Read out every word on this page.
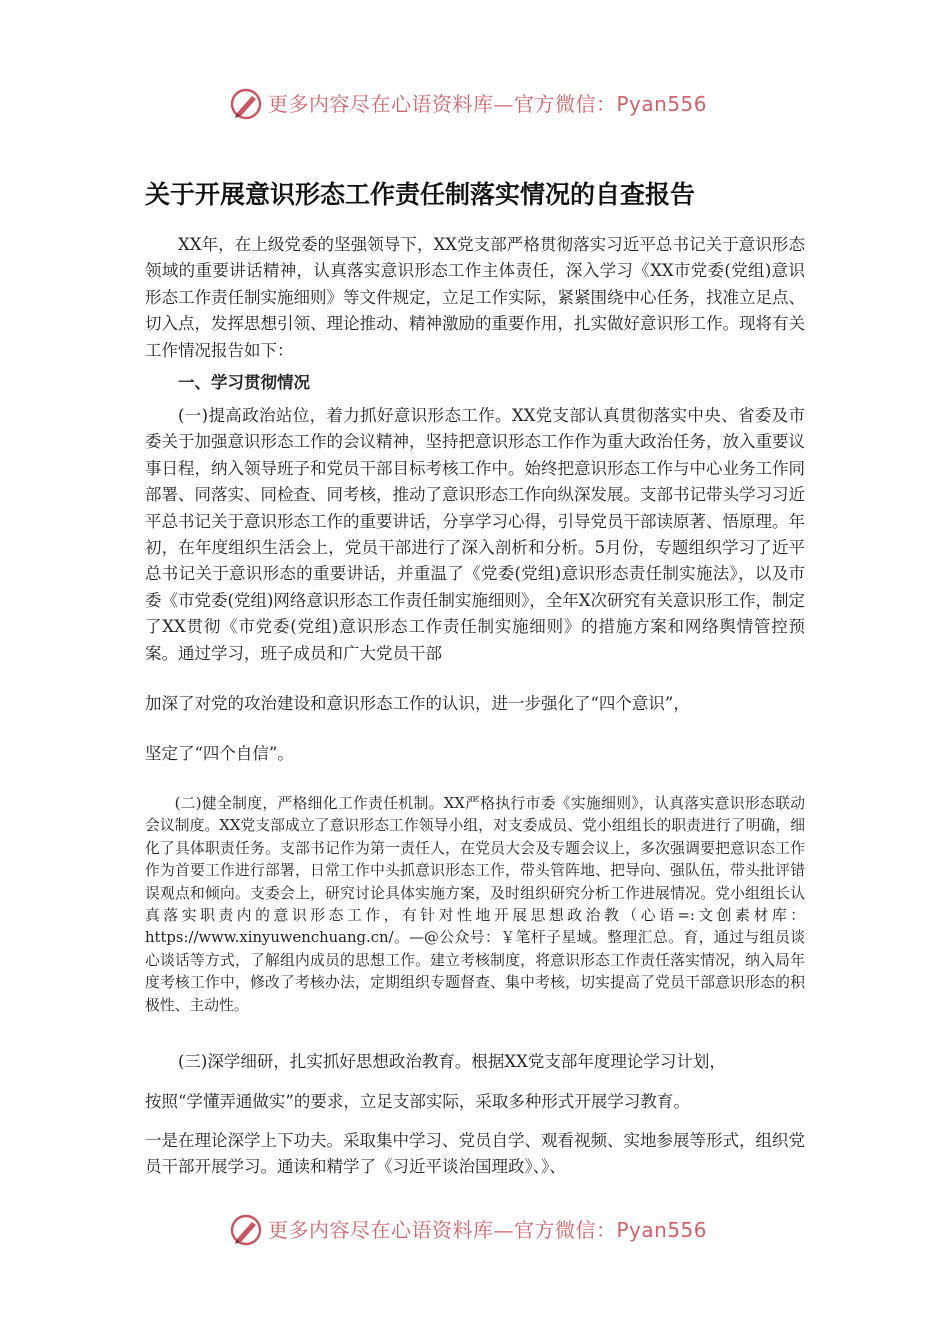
更多内容尽在心语资料库—官方微信：Pyan556
关于开展意识形态工作责任制落实情况的自查报告

XX年，在上级党委的坚强领导下，XX党支部严格贯彻落实习近平总书记关于意识形态领域的重要讲话精神，认真落实意识形态工作主体责任，深入学习《XX市党委(党组)意识形态工作责任制实施细则》等文件规定，立足工作实际，紧紧围绕中心任务，找准立足点、切入点，发挥思想引领、理论推动、精神激励的重要作用，扎实做好意识形工作。现将有关工作情况报告如下：

一、学习贯彻情况

(一)提高政治站位，着力抓好意识形态工作。XX党支部认真贯彻落实中央、省委及市委关于加强意识形态工作的会议精神，坚持把意识形态工作作为重大政治任务，放入重要议事日程，纳入领导班子和党员干部目标考核工作中。始终把意识形态工作与中心业务工作同部署、同落实、同检查、同考核，推动了意识形态工作向纵深发展。支部书记带头学习习近平总书记关于意识形态工作的重要讲话，分享学习心得，引导党员干部读原著、悟原理。年初，在年度组织生活会上，党员干部进行了深入剖析和分析。5月份，专题组织学习了近平总书记关于意识形态的重要讲话，并重温了《党委(党组)意识形态责任制实施法》，以及市委《市党委(党组)网络意识形态工作责任制实施细则》，全年X次研究有关意识形工作，制定了XX贯彻《市党委(党组)意识形态工作责任制实施细则》的措施方案和网络舆情管控预案。通过学习，班子成员和广大党员干部

加深了对党的攻治建设和意识形态工作的认识，进一步强化了“四个意识”，

坚定了“四个自信”。

(二)健全制度，严格细化工作责任机制。XX严格执行市委《实施细则》，认真落实意识形态联动会议制度。XX党支部成立了意识形态工作领导小组，对支委成员、党小组组长的职责进行了明确，细化了具体职责任务。支部书记作为第一责任人，在党员大会及专题会议上，多次强调要把意识态工作作为首要工作进行部署，日常工作中头抓意识形态工作，带头管阵地、把导向、强队伍，带头批评错误观点和倾向。支委会上，研究讨论具体实施方案，及时组织研究分析工作进展情况。党小组组长认真落实职责内的意识形态工作，有针对性地开展思想政治教（心语=:文创素材库：https://www.xinyuwenchuang.cn/。—@公众号：￥笔杆子星域。整理汇总。育，通过与组员谈心谈话等方式，了解组内成员的思想工作。建立考核制度，将意识形态工作责任落实情况，纳入局年度考核工作中，修改了考核办法，定期组织专题督查、集中考核，切实提高了党员干部意识形态的积极性、主动性。

(三)深学细研，扎实抓好思想政治教育。根据XX党支部年度理论学习计划，

按照“学懂弄通做实”的要求，立足支部实际，采取多种形式开展学习教育。

一是在理论深学上下功夫。采取集中学习、党员自学、观看视频、实地参展等形式，组织党员干部开展学习。通读和精学了《习近平谈治国理政》、》、

更多内容尽在心语资料库—官方微信：Pyan556
